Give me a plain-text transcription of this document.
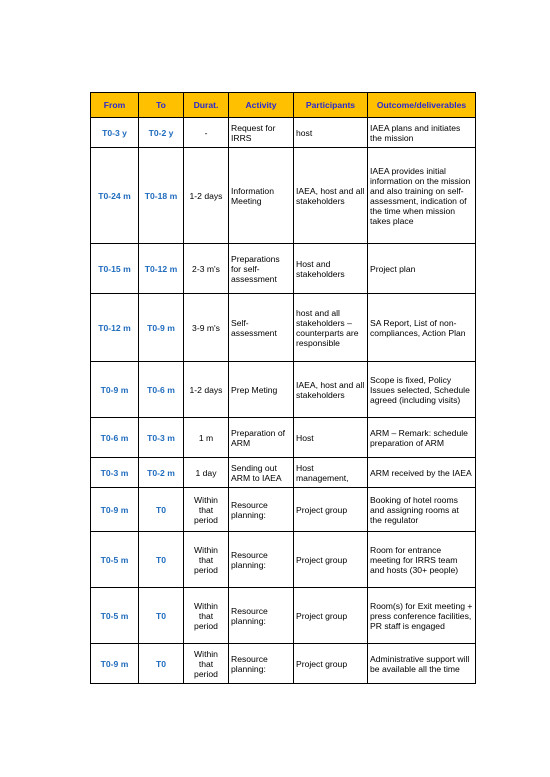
From	To	Durat.	Activity	Participants	Outcome/deliverables
T0-3 y	T0-2 y	-	Request for IRRS	host	IAEA plans and initiates the mission
T0-24 m	T0-18 m	1-2 days	Information Meeting	IAEA, host and all stakeholders	IAEA provides initial information on the mission and also training on self-assessment, indication of the time when mission takes place
T0-15 m	T0-12 m	2-3 m's	Preparations for self-assessment	Host and stakeholders	Project plan
T0-12 m	T0-9 m	3-9 m's	Self-assessment	host and all stakeholders – counterparts are responsible	SA Report, List of non-compliances, Action Plan
T0-9 m	T0-6 m	1-2 days	Prep Meting	IAEA, host and all stakeholders	Scope is fixed, Policy Issues selected, Schedule agreed (including visits)
T0-6 m	T0-3 m	1 m	Preparation of ARM	Host	ARM – Remark: schedule preparation of ARM
T0-3 m	T0-2 m	1 day	Sending out ARM to IAEA	Host management,	ARM received by the IAEA
T0-9 m	T0	Within that period	Resource planning:	Project group	Booking of hotel rooms and assigning rooms at the regulator
T0-5 m	T0	Within that period	Resource planning:	Project group	Room for entrance meeting for IRRS team and hosts (30+ people)
T0-5 m	T0	Within that period	Resource planning:	Project group	Room(s) for Exit meeting + press conference facilities, PR staff is engaged
T0-9 m	T0	Within that period	Resource planning:	Project group	Administrative support will be available all the time
